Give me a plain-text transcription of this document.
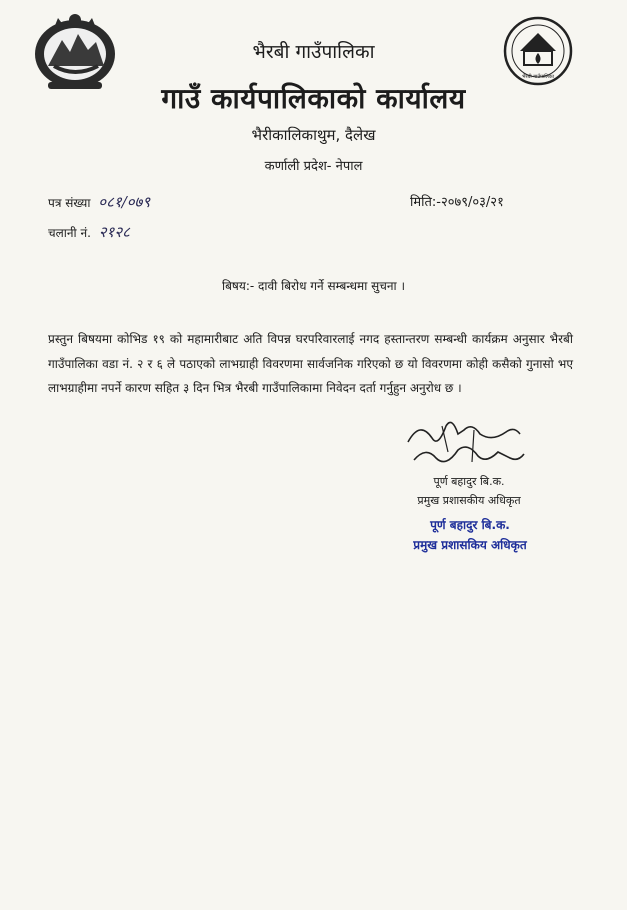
भैरबी गाउँपालिका
भैरबी गाउँपालिका
गाउँ कार्यपालिकाको कार्यालय
भैरीकालिकाथुम, दैलेख
कर्णाली प्रदेश- नेपाल
पत्र संख्या ०८१/०७९
चलानी नं. २१२८
मिति:-२०७९/०३/२१
बिषय:- दावी बिरोध गर्ने सम्बन्धमा सुचना ।
प्रस्तुन बिषयमा कोभिड १९ को महामारीबाट अति विपन्न घरपरिवारलाई नगद हस्तान्तरण सम्बन्धी कार्यक्रम अनुसार भैरबी गाउँपालिका वडा नं. २ र ६ ले पठाएको लाभग्राही विवरणमा सार्वजनिक गरिएको छ यो विवरणमा कोही कसैको गुनासो भए लाभग्राहीमा नपर्ने कारण सहित ३ दिन भित्र भैरबी गाउँपालिकामा निवेदन दर्ता गर्नुहुन अनुरोध छ ।
पूर्ण बहादुर बि.क.
प्रमुख प्रशासकीय अधिकृत
पूर्ण बहादुर बि.क.
प्रमुख प्रशासकिय अधिकृत
